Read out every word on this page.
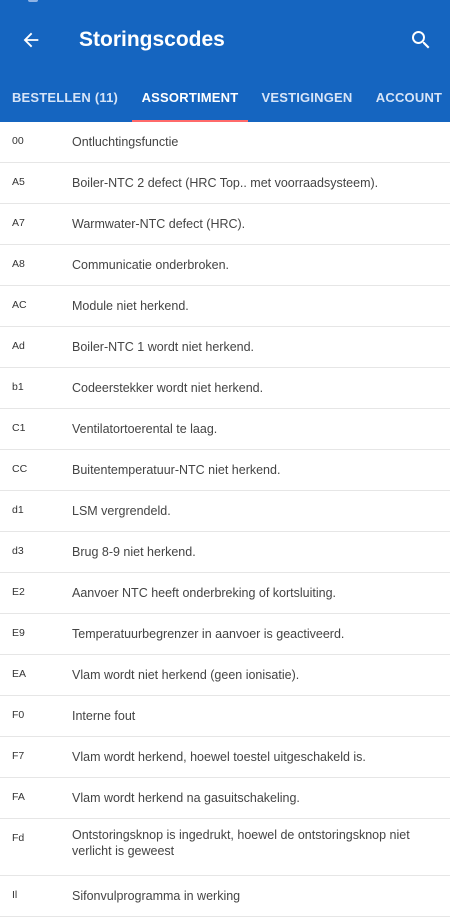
Storingscodes
BESTELLEN (11) ASSORTIMENT VESTIGINGEN ACCOUNT
00	Ontluchtingsfunctie
A5	Boiler-NTC 2 defect (HRC Top.. met voorraadsysteem).
A7	Warmwater-NTC defect (HRC).
A8	Communicatie onderbroken.
AC	Module niet herkend.
Ad	Boiler-NTC 1 wordt niet herkend.
b1	Codeerstekker wordt niet herkend.
C1	Ventilatortoerental te laag.
CC	Buitentemperatuur-NTC niet herkend.
d1	LSM vergrendeld.
d3	Brug 8-9 niet herkend.
E2	Aanvoer NTC heeft onderbreking of kortsluiting.
E9	Temperatuurbegrenzer in aanvoer is geactiveerd.
EA	Vlam wordt niet herkend (geen ionisatie).
F0	Interne fout
F7	Vlam wordt herkend, hoewel toestel uitgeschakeld is.
FA	Vlam wordt herkend na gasuitschakeling.
Fd	Ontstoringsknop is ingedrukt, hoewel de ontstoringsknop niet verlicht is geweest
Il	Sifonvulprogramma in werking
